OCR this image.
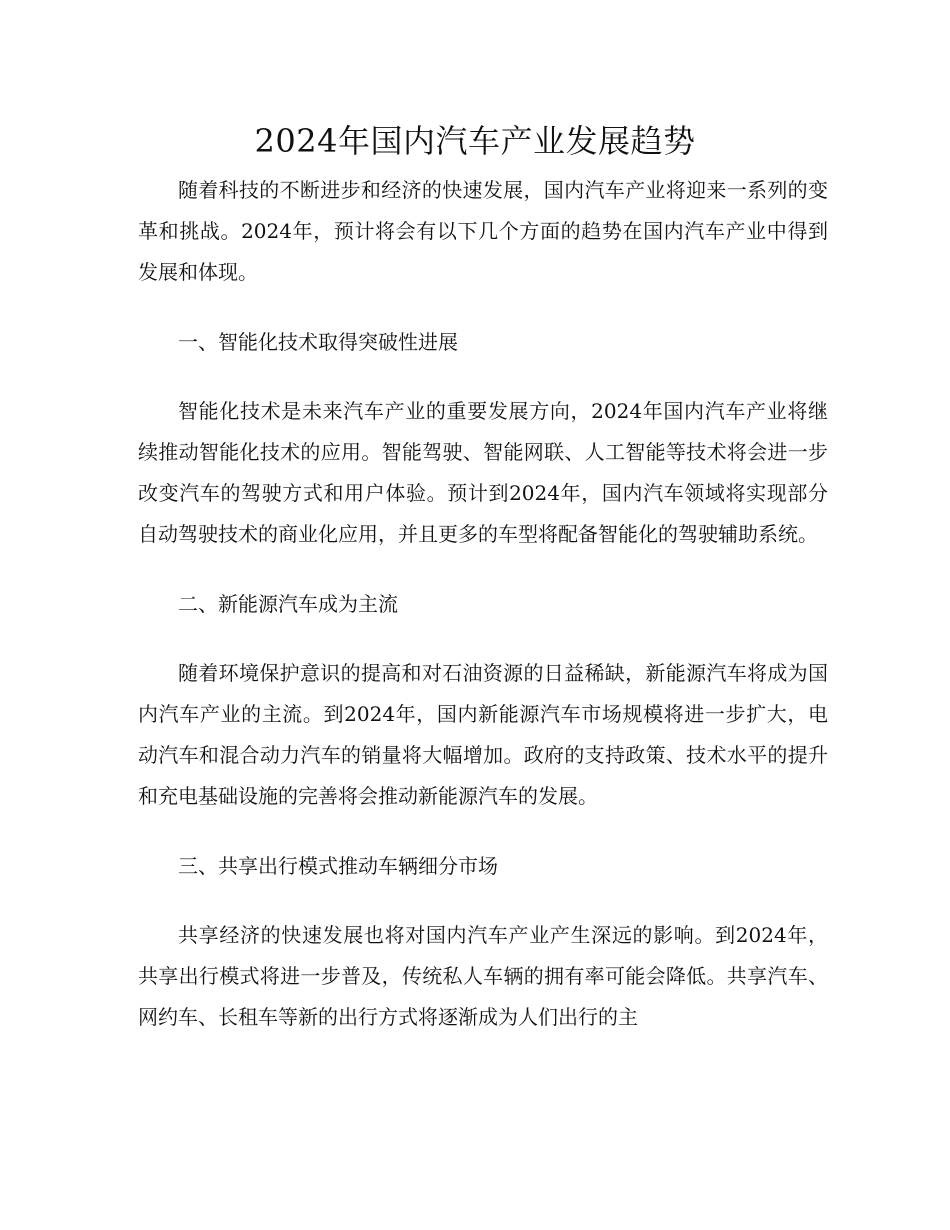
2024年国内汽车产业发展趋势

随着科技的不断进步和经济的快速发展，国内汽车产业将迎来一系列的变革和挑战。2024年，预计将会有以下几个方面的趋势在国内汽车产业中得到发展和体现。

一、智能化技术取得突破性进展

智能化技术是未来汽车产业的重要发展方向，2024年国内汽车产业将继续推动智能化技术的应用。智能驾驶、智能网联、人工智能等技术将会进一步改变汽车的驾驶方式和用户体验。预计到2024年，国内汽车领域将实现部分自动驾驶技术的商业化应用，并且更多的车型将配备智能化的驾驶辅助系统。

二、新能源汽车成为主流

随着环境保护意识的提高和对石油资源的日益稀缺，新能源汽车将成为国内汽车产业的主流。到2024年，国内新能源汽车市场规模将进一步扩大，电动汽车和混合动力汽车的销量将大幅增加。政府的支持政策、技术水平的提升和充电基础设施的完善将会推动新能源汽车的发展。

三、共享出行模式推动车辆细分市场

共享经济的快速发展也将对国内汽车产业产生深远的影响。到2024年，共享出行模式将进一步普及，传统私人车辆的拥有率可能会降低。共享汽车、网约车、长租车等新的出行方式将逐渐成为人们出行的主
